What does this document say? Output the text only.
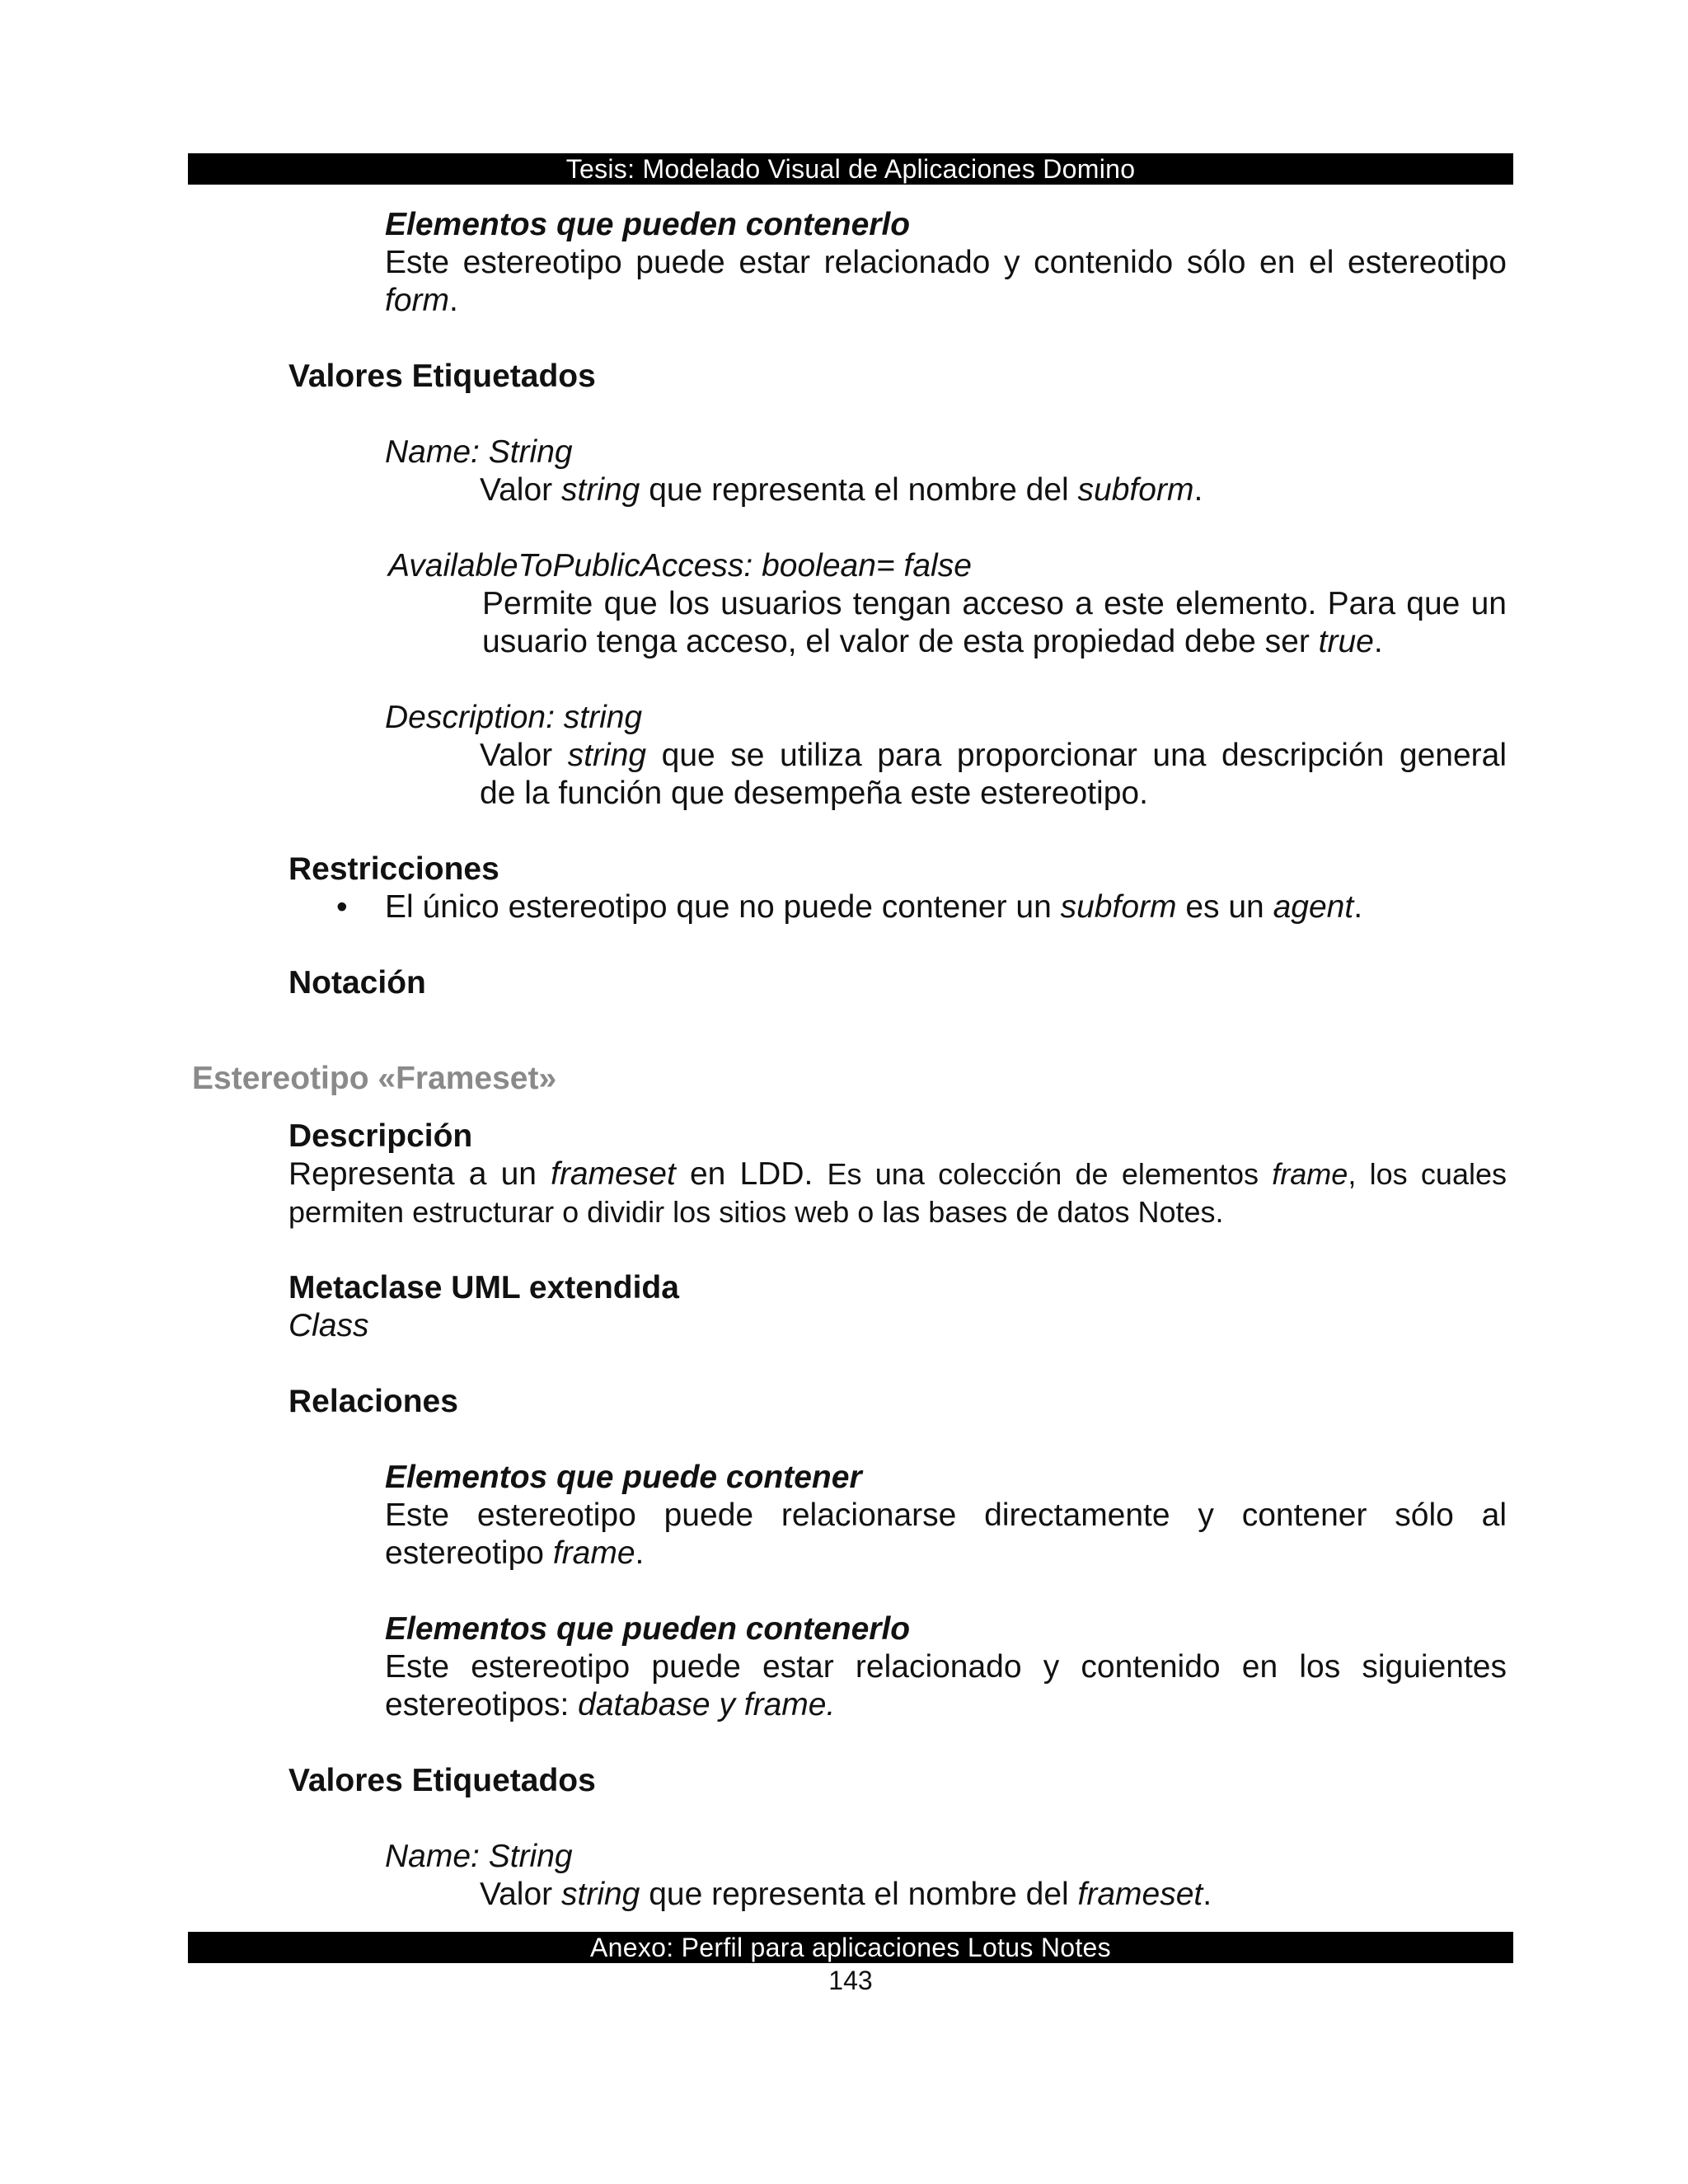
Tesis: Modelado Visual de Aplicaciones Domino
Elementos que pueden contenerlo
Este estereotipo puede estar relacionado y contenido sólo en el estereotipo
form.
Valores Etiquetados
Name: String
Valor string que representa el nombre del subform.
AvailableToPublicAccess: boolean= false
Permite que los usuarios tengan acceso a este elemento. Para que un
usuario tenga acceso, el valor de esta propiedad debe ser true.
Description: string
Valor string que se utiliza para proporcionar una descripción general
de la función que desempeña este estereotipo.
Restricciones
• El único estereotipo que no puede contener un subform es un agent.
Notación
Estereotipo «Frameset»
Descripción
Representa a un frameset en LDD. Es una colección de elementos frame, los cuales
permiten estructurar o dividir los sitios web o las bases de datos Notes.
Metaclase UML extendida
Class
Relaciones
Elementos que puede contener
Este estereotipo puede relacionarse directamente y contener sólo al
estereotipo frame.
Elementos que pueden contenerlo
Este estereotipo puede estar relacionado y contenido en los siguientes
estereotipos: database y frame.
Valores Etiquetados
Name: String
Valor string que representa el nombre del frameset.
Anexo: Perfil para aplicaciones Lotus Notes
143
